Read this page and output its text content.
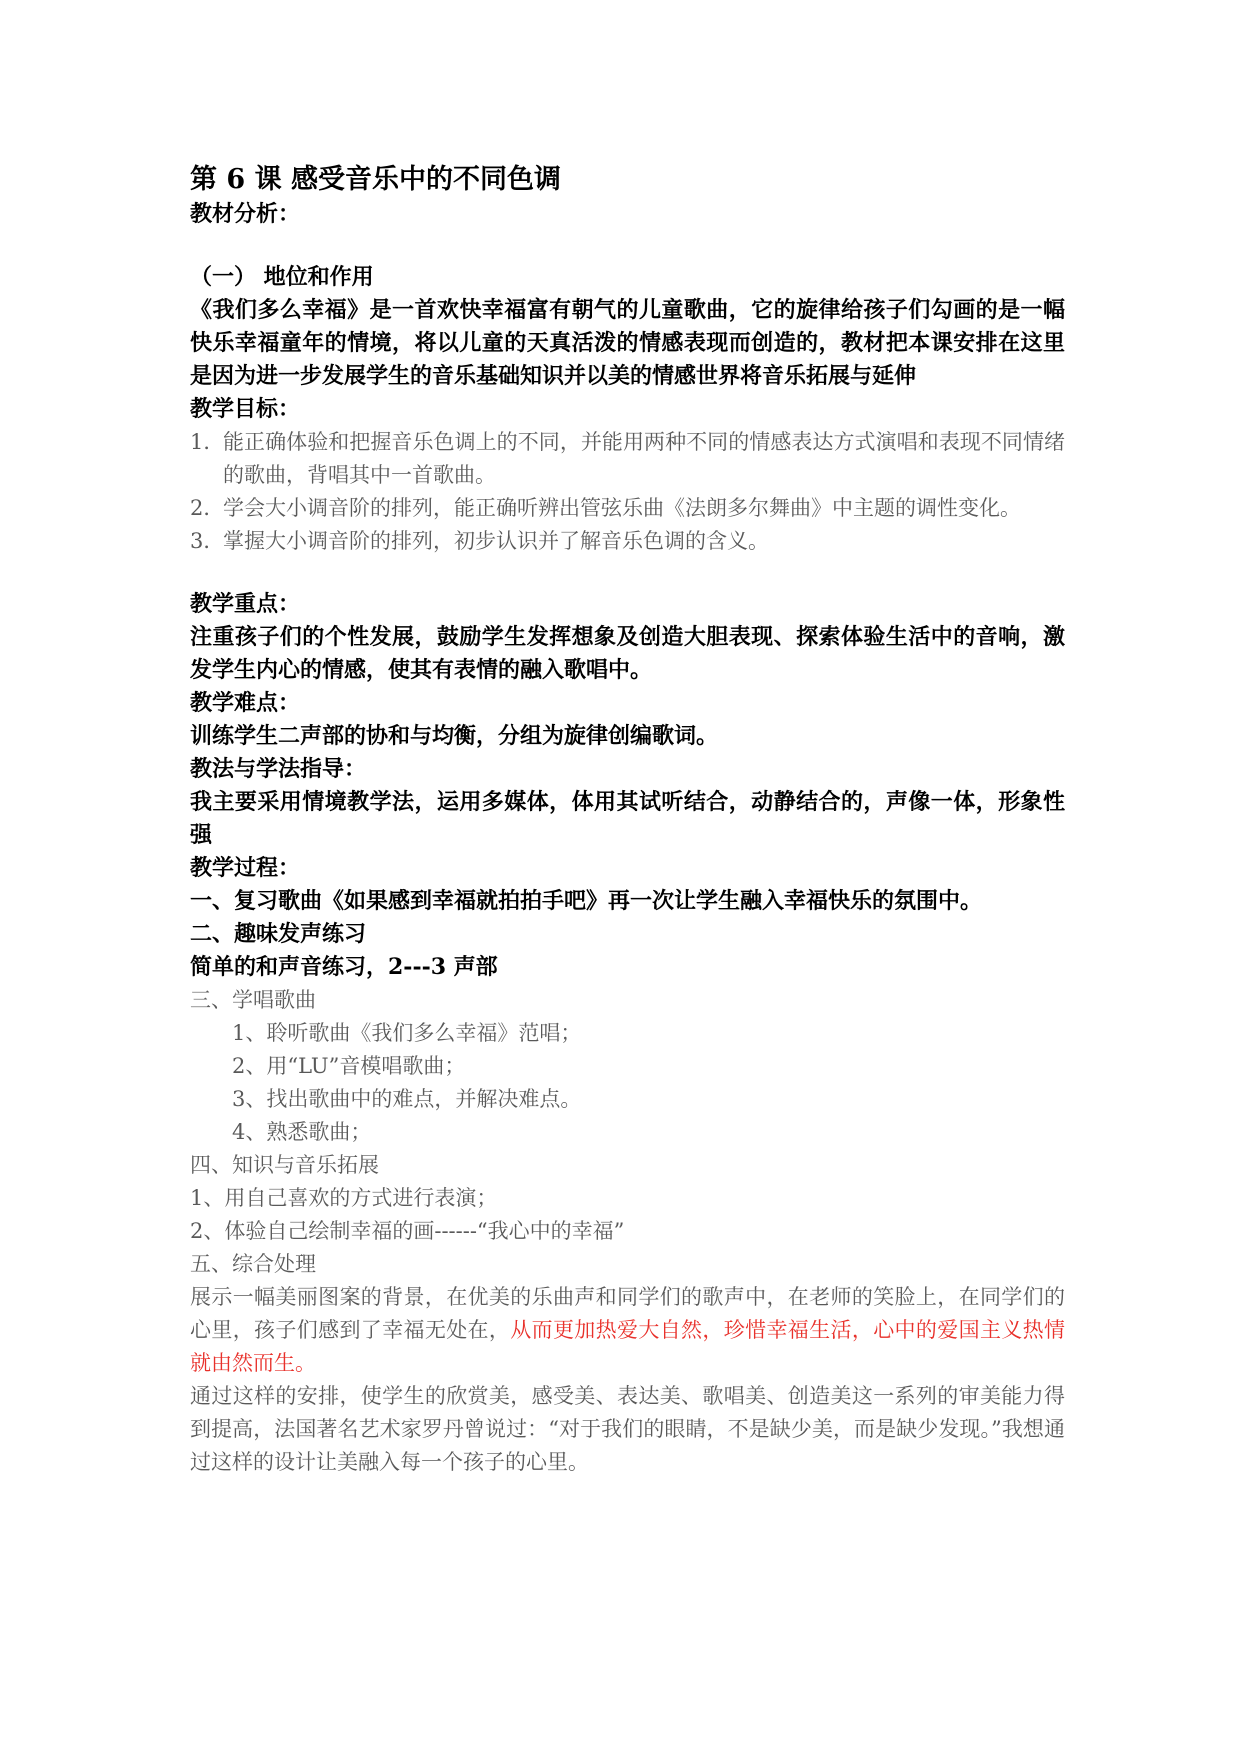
第 6 课 感受音乐中的不同色调

教材分析：

（一） 地位和作用

《我们多么幸福》是一首欢快幸福富有朝气的儿童歌曲，它的旋律给孩子们勾画的是一幅快乐幸福童年的情境，将以儿童的天真活泼的情感表现而创造的，教材把本课安排在这里是因为进一步发展学生的音乐基础知识并以美的情感世界将音乐拓展与延伸

教学目标：

1．
能正确体验和把握音乐色调上的不同，并能用两种不同的情感表达方式演唱和表现不同情绪的歌曲，背唱其中一首歌曲。
2．
学会大小调音阶的排列，能正确听辨出管弦乐曲《法朗多尔舞曲》中主题的调性变化。
3．
掌握大小调音阶的排列，初步认识并了解音乐色调的含义。

教学重点：

注重孩子们的个性发展，鼓励学生发挥想象及创造大胆表现、探索体验生活中的音响，激发学生内心的情感，使其有表情的融入歌唱中。

教学难点：

训练学生二声部的协和与均衡，分组为旋律创编歌词。

教法与学法指导：

我主要采用情境教学法，运用多媒体，体用其试听结合，动静结合的，声像一体，形象性强

教学过程：

一、复习歌曲《如果感到幸福就拍拍手吧》再一次让学生融入幸福快乐的氛围中。

二、趣味发声练习

简单的和声音练习，2---3 声部

三、学唱歌曲

1、聆听歌曲《我们多么幸福》范唱；

2、用“LU”音模唱歌曲；

3、找出歌曲中的难点，并解决难点。

4、熟悉歌曲；

四、知识与音乐拓展

1、用自己喜欢的方式进行表演；

2、体验自己绘制幸福的画------“我心中的幸福”

五、综合处理

展示一幅美丽图案的背景，在优美的乐曲声和同学们的歌声中，在老师的笑脸上，在同学们的心里，孩子们感到了幸福无处在，从而更加热爱大自然，珍惜幸福生活，心中的爱国主义热情就由然而生。

通过这样的安排，使学生的欣赏美，感受美、表达美、歌唱美、创造美这一系列的审美能力得到提高，法国著名艺术家罗丹曾说过：“对于我们的眼睛，不是缺少美，而是缺少发现。”我想通过这样的设计让美融入每一个孩子的心里。
